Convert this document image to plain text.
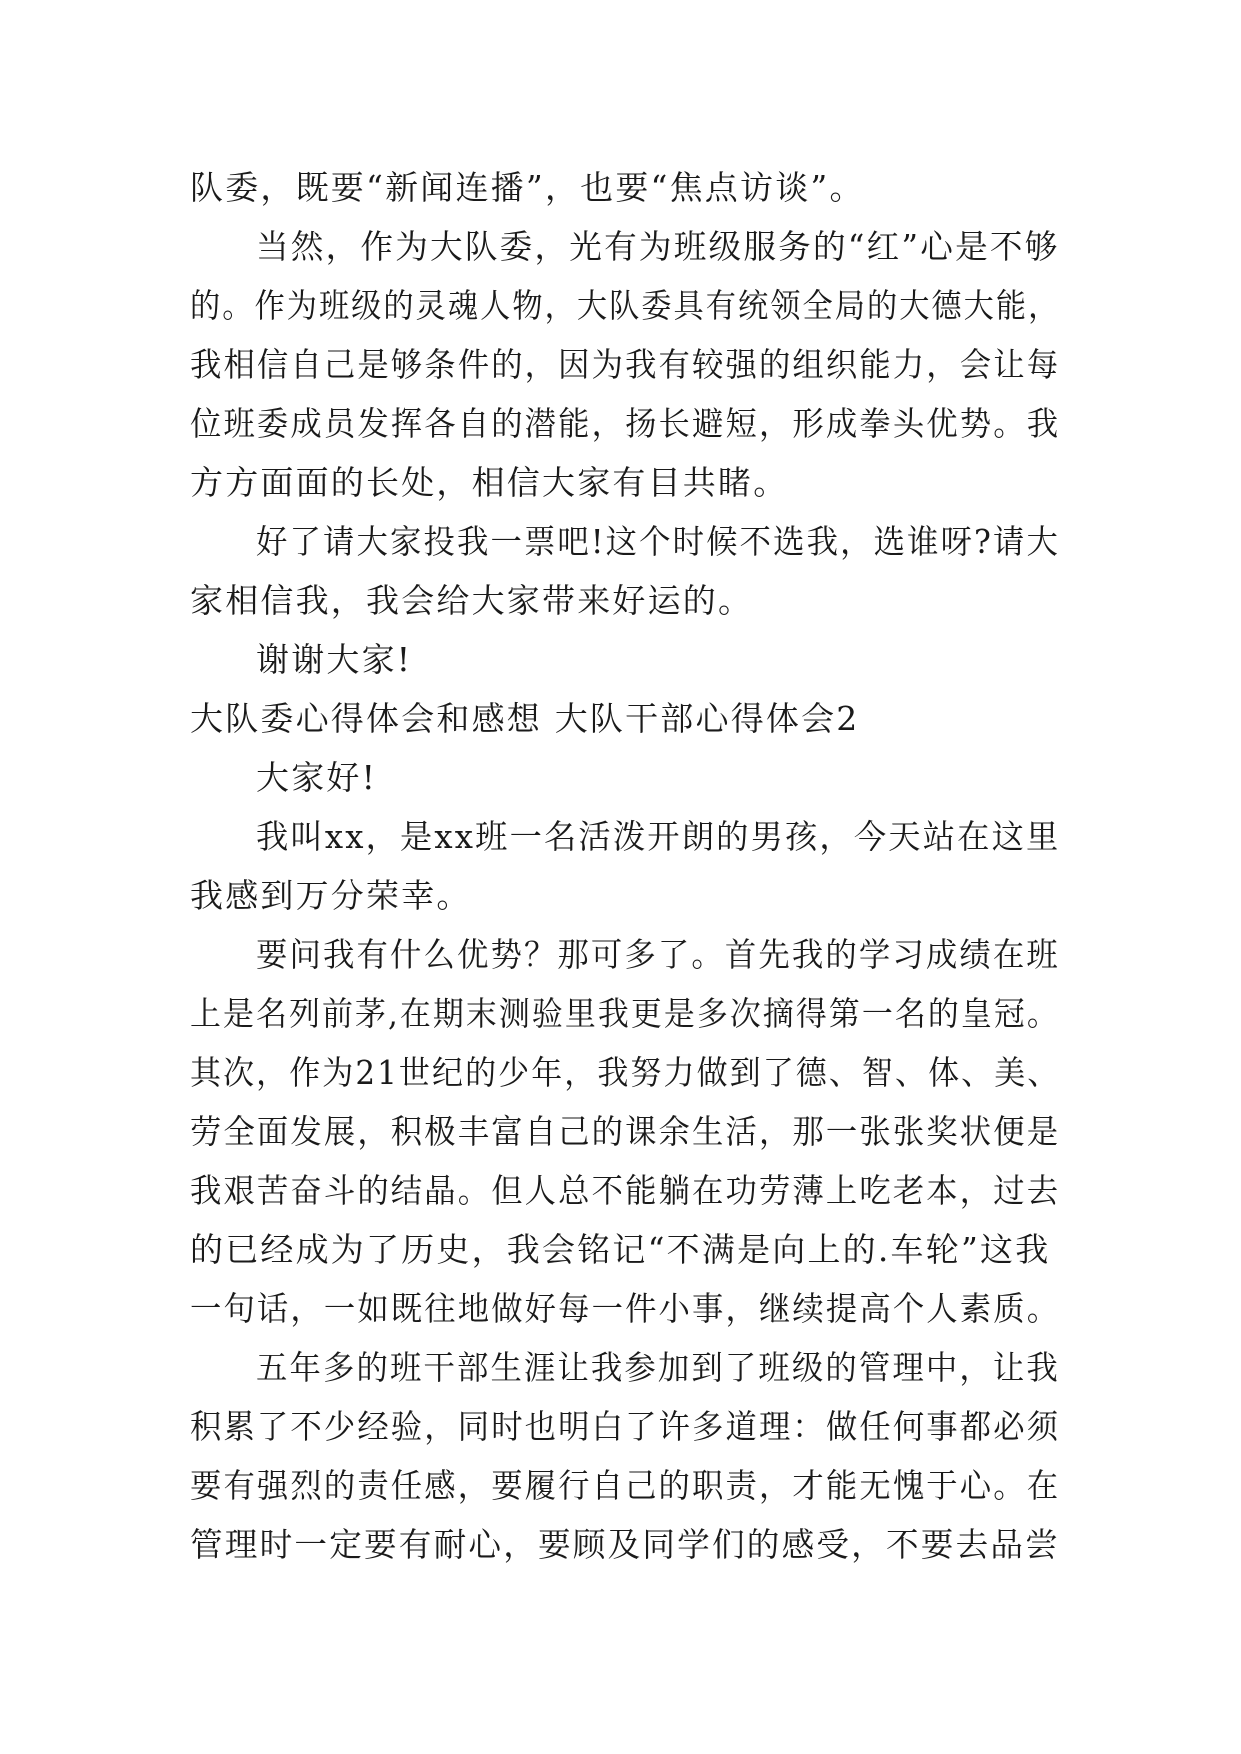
队委，既要“新闻连播”，也要“焦点访谈”。
当然，作为大队委，光有为班级服务的“红”心是不够
的。作为班级的灵魂人物，大队委具有统领全局的大德大能，
我相信自己是够条件的，因为我有较强的组织能力，会让每
位班委成员发挥各自的潜能，扬长避短，形成拳头优势。我
方方面面的长处，相信大家有目共睹。
好了请大家投我一票吧!这个时候不选我，选谁呀?请大
家相信我，我会给大家带来好运的。
谢谢大家!
大队委心得体会和感想 大队干部心得体会2
大家好!
我叫xx，是xx班一名活泼开朗的男孩，今天站在这里
我感到万分荣幸。
要问我有什么优势？那可多了。首先我的学习成绩在班
上是名列前茅,在期末测验里我更是多次摘得第一名的皇冠。
其次，作为21世纪的少年，我努力做到了德、智、体、美、
劳全面发展，积极丰富自己的课余生活，那一张张奖状便是
我艰苦奋斗的结晶。但人总不能躺在功劳薄上吃老本，过去
的已经成为了历史，我会铭记“不满是向上的.车轮”这我
一句话，一如既往地做好每一件小事，继续提高个人素质。
五年多的班干部生涯让我参加到了班级的管理中，让我
积累了不少经验，同时也明白了许多道理：做任何事都必须
要有强烈的责任感，要履行自己的职责，才能无愧于心。在
管理时一定要有耐心，要顾及同学们的感受，不要去品尝
